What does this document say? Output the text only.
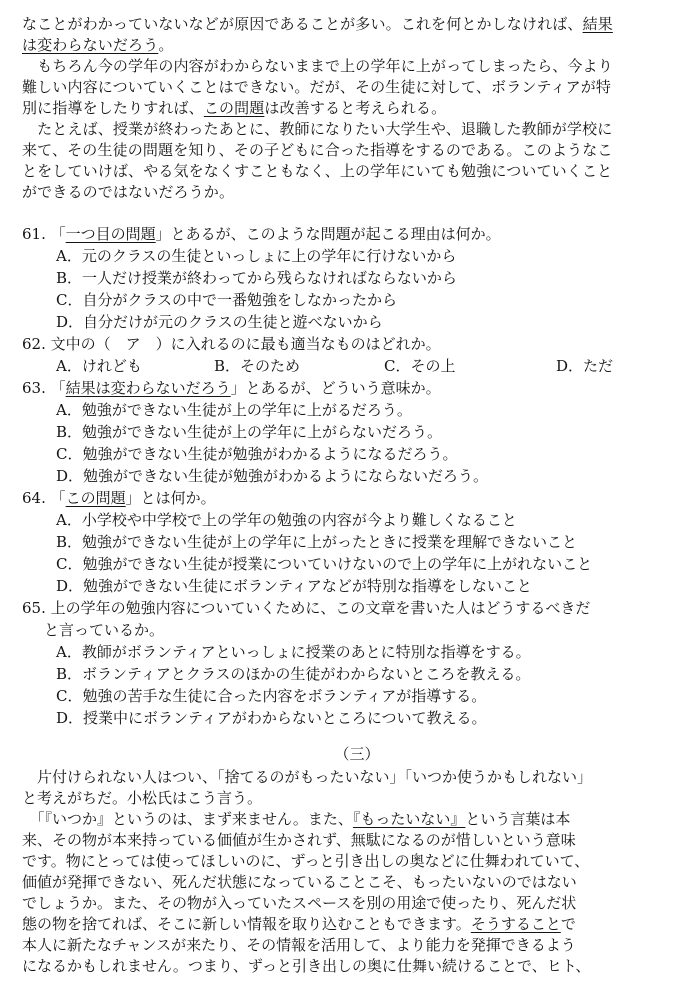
なことがわかっていないなどが原因であることが多い。これを何とかしなければ、結果
は変わらないだろう。
　もちろん今の学年の内容がわからないままで上の学年に上がってしまったら、今より
難しい内容についていくことはできない。だが、その生徒に対して、ボランティアが特
別に指導をしたりすれば、この問題は改善すると考えられる。
　たとえば、授業が終わったあとに、教師になりたい大学生や、退職した教師が学校に
来て、その生徒の問題を知り、その子どもに合った指導をするのである。このようなこ
とをしていけば、やる気をなくすこともなく、上の学年にいても勉強についていくこと
ができるのではないだろうか。
61. 「一つ目の問題」とあるが、このような問題が起こる理由は何か。
A．元のクラスの生徒といっしょに上の学年に行けないから
B．一人だけ授業が終わってから残らなければならないから
C．自分がクラスの中で一番勉強をしなかったから
D．自分だけが元のクラスの生徒と遊べないから
62. 文中の（　ア　）に入れるのに最も適当なものはどれか。
A．けれども	B．そのため	C．その上	D．ただ
63. 「結果は変わらないだろう」とあるが、どういう意味か。
A．勉強ができない生徒が上の学年に上がるだろう。
B．勉強ができない生徒が上の学年に上がらないだろう。
C．勉強ができない生徒が勉強がわかるようになるだろう。
D．勉強ができない生徒が勉強がわかるようにならないだろう。
64. 「この問題」とは何か。
A．小学校や中学校で上の学年の勉強の内容が今より難しくなること
B．勉強ができない生徒が上の学年に上がったときに授業を理解できないこと
C．勉強ができない生徒が授業についていけないので上の学年に上がれないこと
D．勉強ができない生徒にボランティアなどが特別な指導をしないこと
65. 上の学年の勉強内容についていくために、この文章を書いた人はどうするべきだ
と言っているか。
A．教師がボランティアといっしょに授業のあとに特別な指導をする。
B．ボランティアとクラスのほかの生徒がわからないところを教える。
C．勉強の苦手な生徒に合った内容をボランティアが指導する。
D．授業中にボランティアがわからないところについて教える。
（三）
　片付けられない人はつい、「捨てるのがもったいない」「いつか使うかもしれない」
と考えがちだ。小松氏はこう言う。
　「『いつか』というのは、まず来ません。また、『もったいない』という言葉は本
来、その物が本来持っている価値が生かされず、無駄になるのが惜しいという意味
です。物にとっては使ってほしいのに、ずっと引き出しの奥などに仕舞われていて、
価値が発揮できない、死んだ状態になっていることこそ、もったいないのではない
でしょうか。また、その物が入っていたスペースを別の用途で使ったり、死んだ状
態の物を捨てれば、そこに新しい情報を取り込むこともできます。そうすることで
本人に新たなチャンスが来たり、その情報を活用して、より能力を発揮できるよう
になるかもしれません。つまり、ずっと引き出しの奥に仕舞い続けることで、ヒト、
